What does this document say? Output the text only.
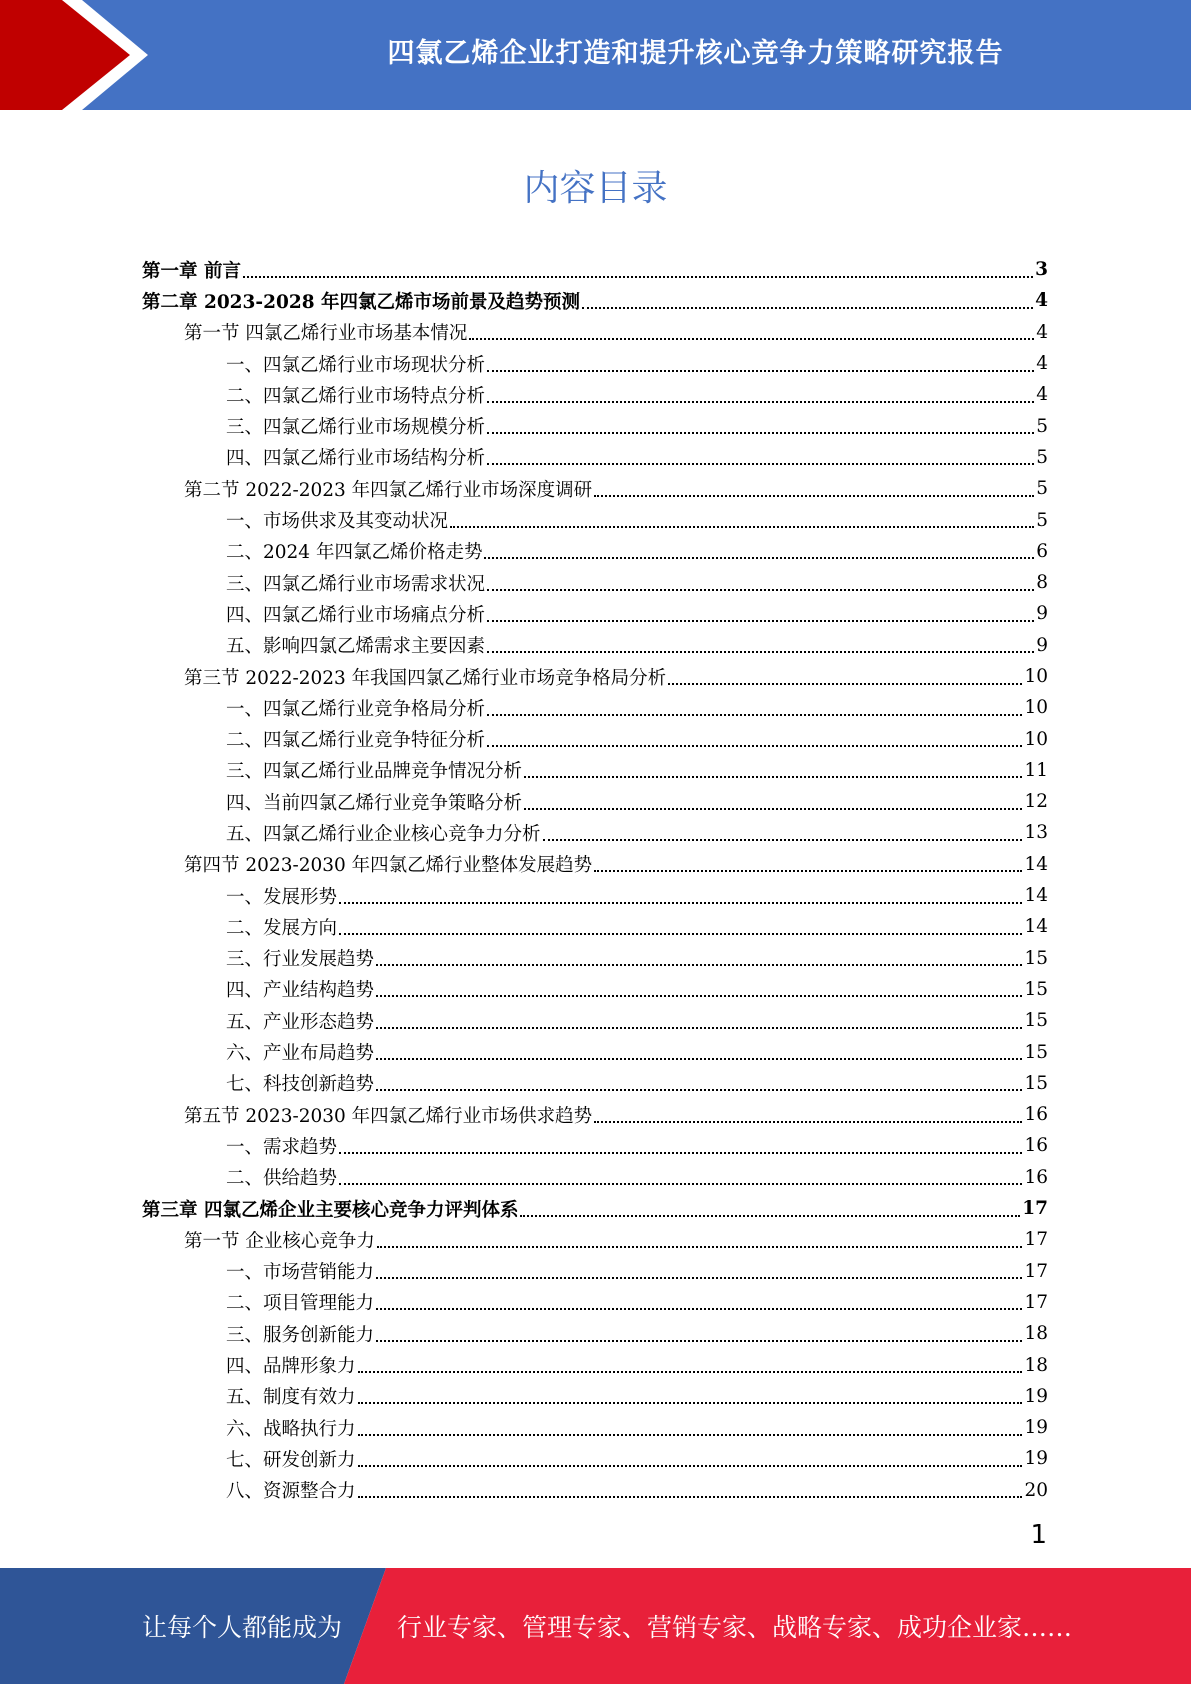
四氯乙烯企业打造和提升核心竞争力策略研究报告
内容目录
第一章 前言	3
第二章 2023-2028 年四氯乙烯市场前景及趋势预测	4
第一节 四氯乙烯行业市场基本情况	4
一、四氯乙烯行业市场现状分析	4
二、四氯乙烯行业市场特点分析	4
三、四氯乙烯行业市场规模分析	5
四、四氯乙烯行业市场结构分析	5
第二节 2022-2023 年四氯乙烯行业市场深度调研	5
一、市场供求及其变动状况	5
二、2024 年四氯乙烯价格走势	6
三、四氯乙烯行业市场需求状况	8
四、四氯乙烯行业市场痛点分析	9
五、影响四氯乙烯需求主要因素	9
第三节 2022-2023 年我国四氯乙烯行业市场竞争格局分析	10
一、四氯乙烯行业竞争格局分析	10
二、四氯乙烯行业竞争特征分析	10
三、四氯乙烯行业品牌竞争情况分析	11
四、当前四氯乙烯行业竞争策略分析	12
五、四氯乙烯行业企业核心竞争力分析	13
第四节 2023-2030 年四氯乙烯行业整体发展趋势	14
一、发展形势	14
二、发展方向	14
三、行业发展趋势	15
四、产业结构趋势	15
五、产业形态趋势	15
六、产业布局趋势	15
七、科技创新趋势	15
第五节 2023-2030 年四氯乙烯行业市场供求趋势	16
一、需求趋势	16
二、供给趋势	16
第三章 四氯乙烯企业主要核心竞争力评判体系	17
第一节 企业核心竞争力	17
一、市场营销能力	17
二、项目管理能力	17
三、服务创新能力	18
四、品牌形象力	18
五、制度有效力	19
六、战略执行力	19
七、研发创新力	19
八、资源整合力	20
1
让每个人都能成为 行业专家、管理专家、营销专家、战略专家、成功企业家……
